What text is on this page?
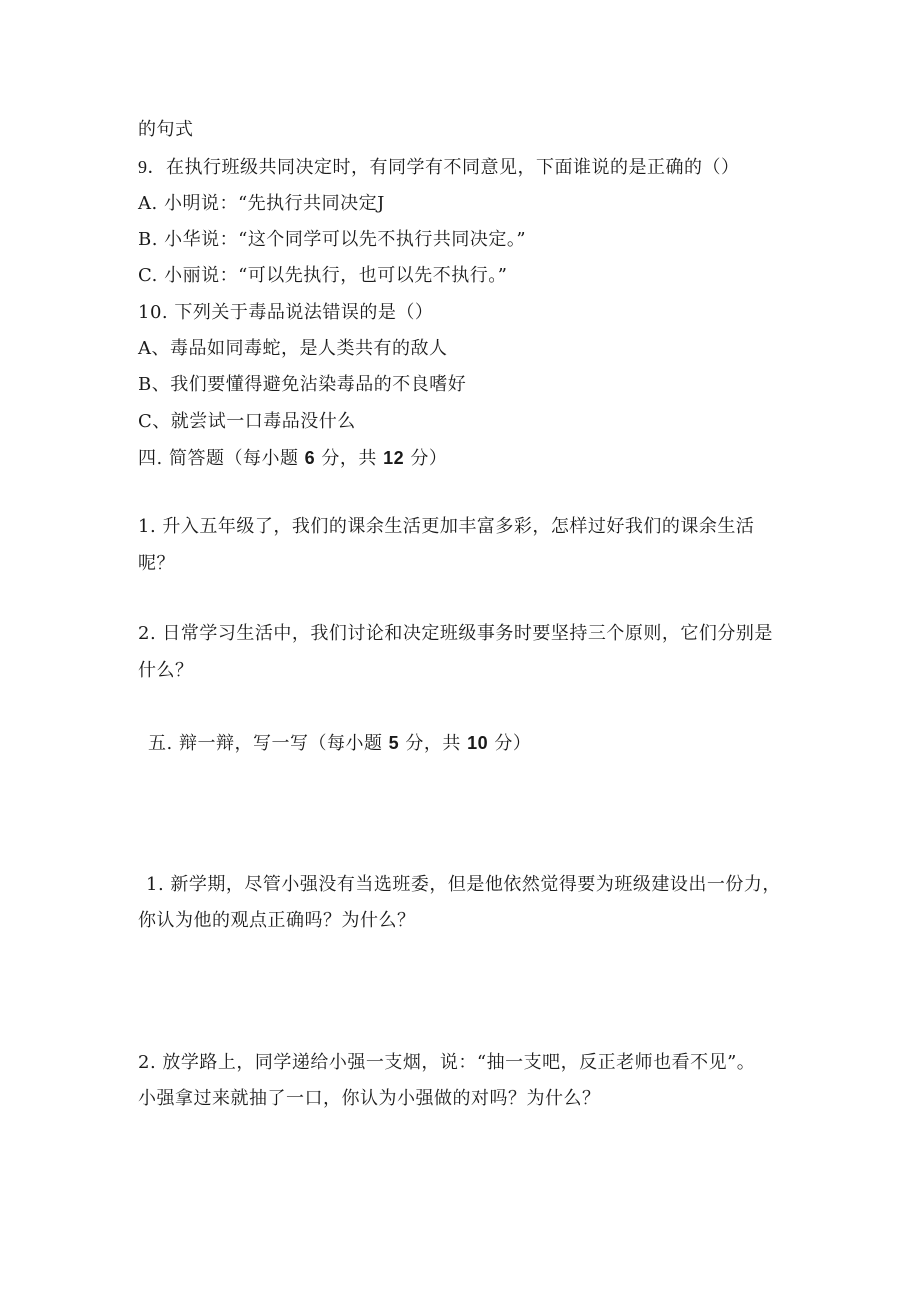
的句式
9．在执行班级共同决定时，有同学有不同意见，下面谁说的是正确的（）
A. 小明说：“先执行共同决定J
B. 小华说：“这个同学可以先不执行共同决定。”
C. 小丽说：“可以先执行，也可以先不执行。”
10. 下列关于毒品说法错误的是（）
A、毒品如同毒蛇，是人类共有的敌人
B、我们要懂得避免沾染毒品的不良嗜好
C、就尝试一口毒品没什么
四. 简答题（每小题 6 分，共 12 分）
1. 升入五年级了，我们的课余生活更加丰富多彩，怎样过好我们的课余生活
呢？
2. 日常学习生活中，我们讨论和决定班级事务时要坚持三个原则，它们分别是
什么？
五. 辩一辩，写一写（每小题 5 分，共 10 分）
1. 新学期，尽管小强没有当选班委，但是他依然觉得要为班级建设出一份力，
你认为他的观点正确吗？为什么？
2. 放学路上，同学递给小强一支烟，说：“抽一支吧，反正老师也看不见”。
小强拿过来就抽了一口，你认为小强做的对吗？为什么？
